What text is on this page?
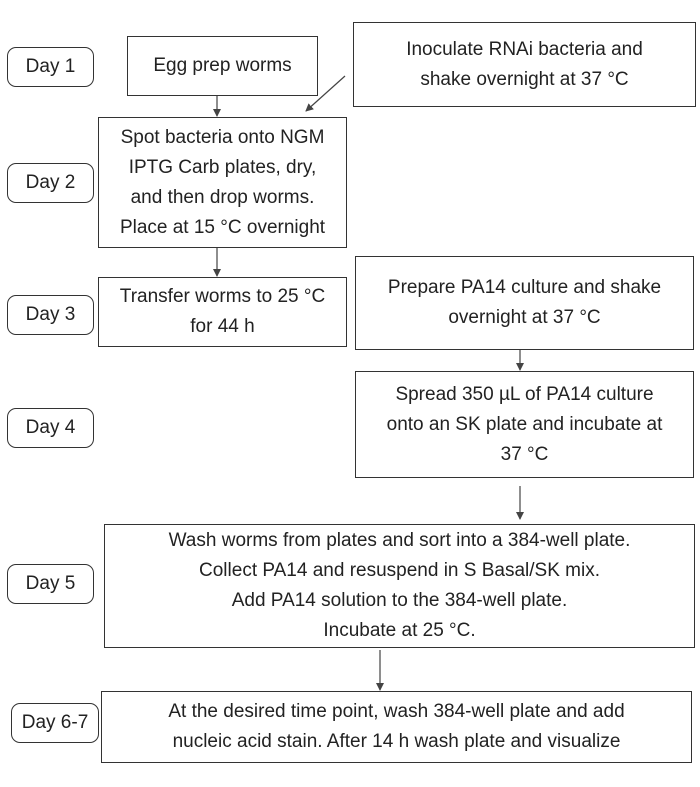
Day 1
Day 2
Day 3
Day 4
Day 5
Day 6-7
Egg prep worms
Inoculate RNAi bacteria and
shake overnight at 37 °C
Spot bacteria onto NGM
IPTG Carb plates, dry,
and then drop worms.
Place at 15 °C overnight
Transfer worms to 25 °C
for 44 h
Prepare PA14 culture and shake
overnight at 37 °C
Spread 350 µL of PA14 culture
onto an SK plate and incubate at
37 °C
Wash worms from plates and sort into a 384-well plate.
Collect PA14 and resuspend in S Basal/SK mix.
Add PA14 solution to the 384-well plate.
Incubate at 25 °C.
At the desired time point, wash 384-well plate and add
nucleic acid stain. After 14 h wash plate and visualize
